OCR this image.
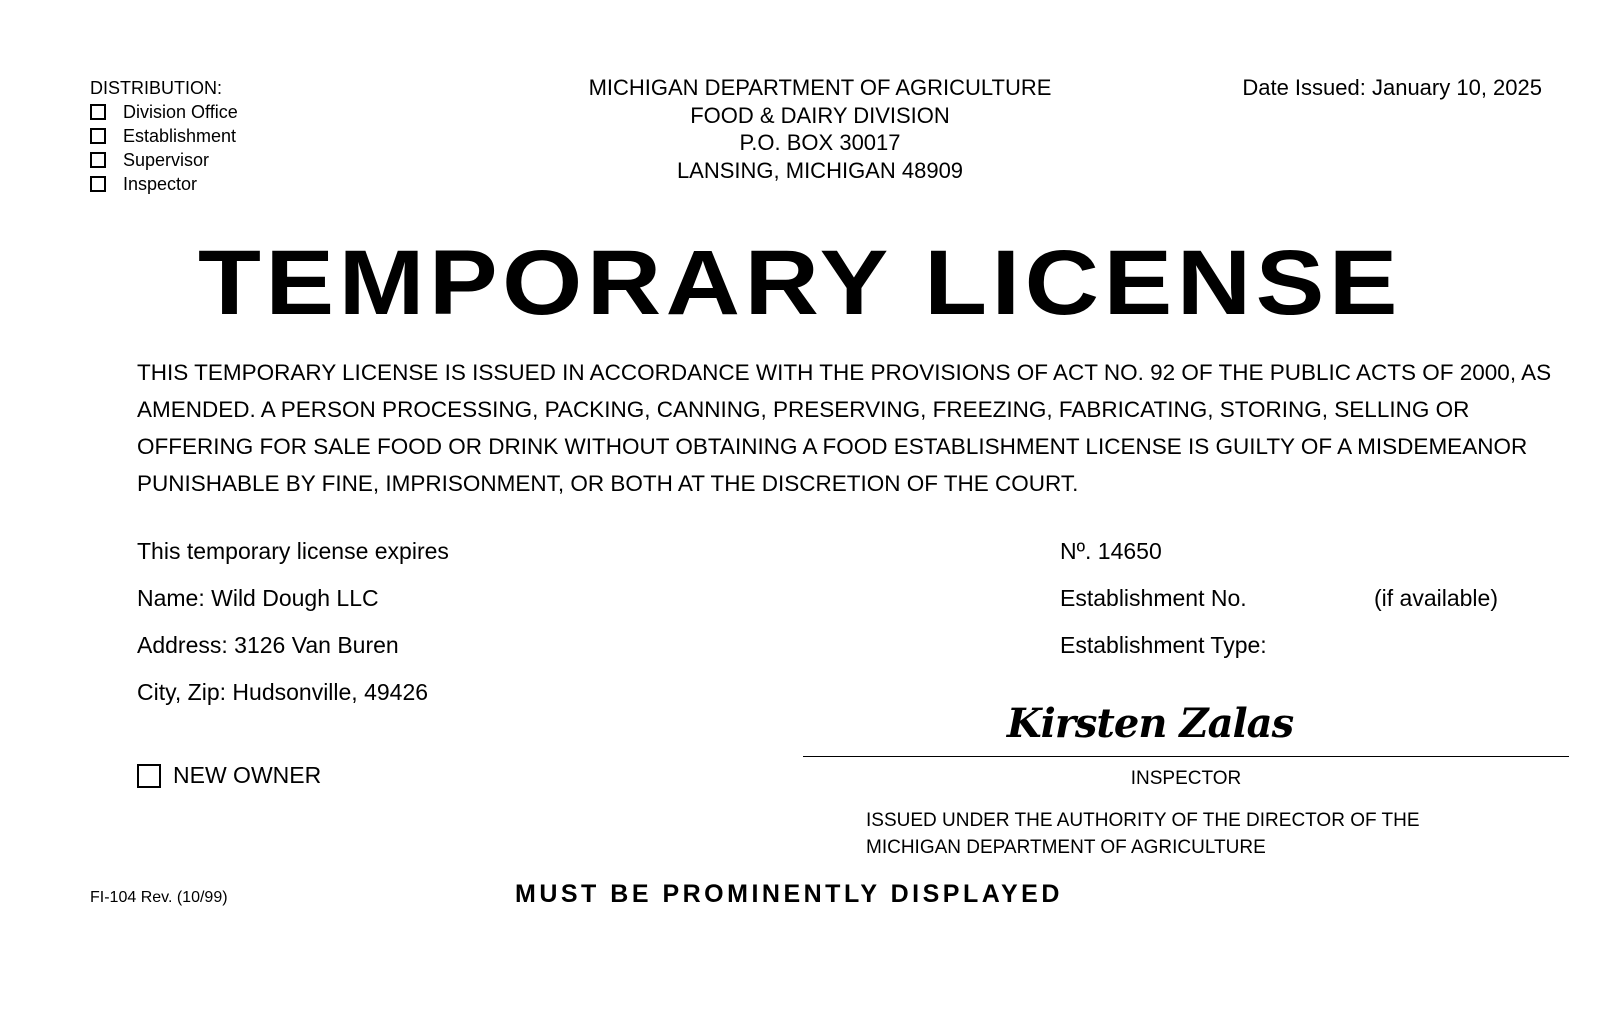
DISTRIBUTION:
Division Office
Establishment
Supervisor
Inspector
MICHIGAN DEPARTMENT OF AGRICULTURE
FOOD & DAIRY DIVISION
P.O. BOX 30017
LANSING, MICHIGAN 48909
Date Issued: January 10, 2025
TEMPORARY LICENSE
THIS TEMPORARY LICENSE IS ISSUED IN ACCORDANCE WITH THE PROVISIONS OF ACT NO. 92 OF THE PUBLIC ACTS OF 2000, AS AMENDED. A PERSON PROCESSING, PACKING, CANNING, PRESERVING, FREEZING, FABRICATING, STORING, SELLING OR OFFERING FOR SALE FOOD OR DRINK WITHOUT OBTAINING A FOOD ESTABLISHMENT LICENSE IS GUILTY OF A MISDEMEANOR PUNISHABLE BY FINE, IMPRISONMENT, OR BOTH AT THE DISCRETION OF THE COURT.
This temporary license expires
Name: Wild Dough LLC
Address: 3126 Van Buren
City, Zip: Hudsonville, 49426
Nº. 14650
Establishment No.	(if available)
Establishment Type:
NEW OWNER
Kirsten Zalas
INSPECTOR
ISSUED UNDER THE AUTHORITY OF THE DIRECTOR OF THE
MICHIGAN DEPARTMENT OF AGRICULTURE
FI-104 Rev. (10/99)	MUST BE PROMINENTLY DISPLAYED
